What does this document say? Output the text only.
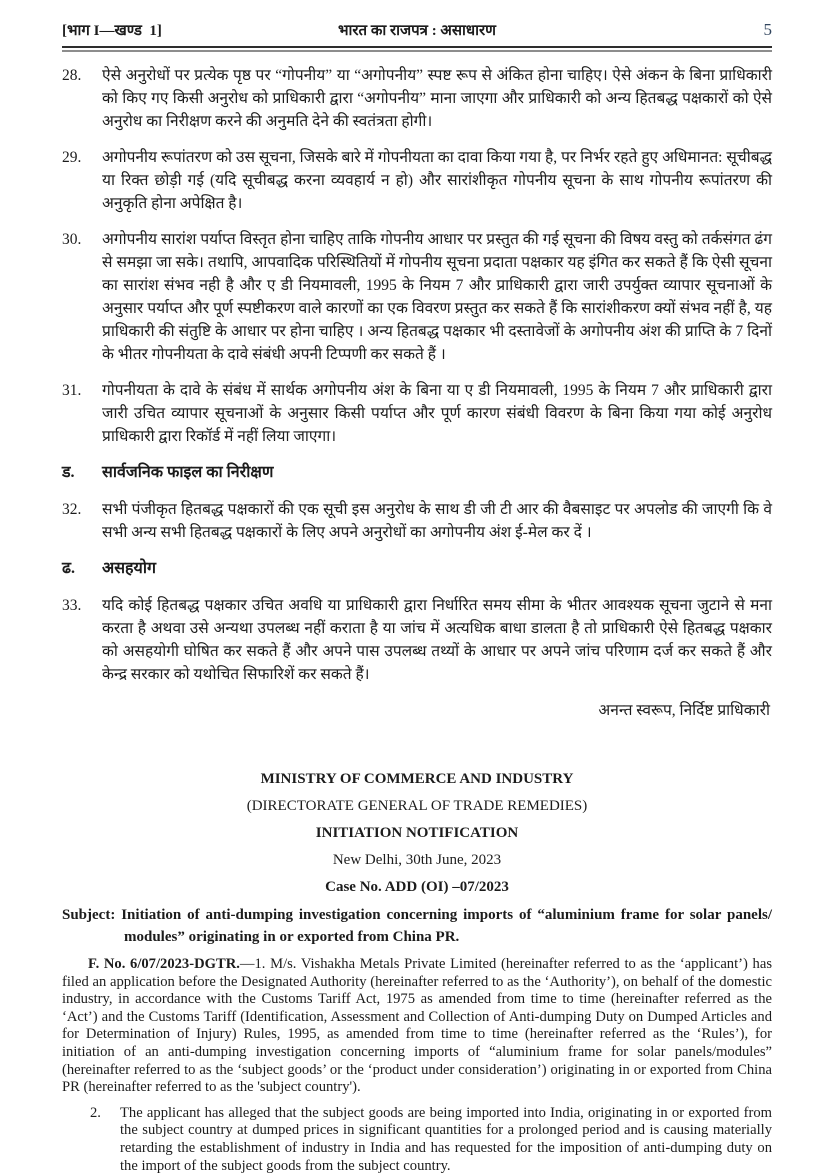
[भाग I—खण्ड  1]	भारत का राजपत्र : असाधारण	5
28.	ऐसे अनुरोधों पर प्रत्येक पृष्ठ पर “गोपनीय” या “अगोपनीय” स्पष्ट रूप से अंकित होना चाहिए। ऐसे अंकन के बिना प्राधिकारी को किए गए किसी अनुरोध को प्राधिकारी द्वारा “अगोपनीय” माना जाएगा और प्राधिकारी को अन्य हितबद्ध पक्षकारों को ऐसे अनुरोध का निरीक्षण करने की अनुमति देने की स्वतंत्रता होगी।
29.	अगोपनीय रूपांतरण को उस सूचना, जिसके बारे में गोपनीयता का दावा किया गया है, पर निर्भर रहते हुए अधिमानत: सूचीबद्ध या रिक्त छोड़ी गई (यदि सूचीबद्ध करना व्यवहार्य न हो) और सारांशीकृत गोपनीय सूचना के साथ गोपनीय रूपांतरण की अनुकृति होना अपेक्षित है।
30.	अगोपनीय सारांश पर्याप्त विस्तृत होना चाहिए ताकि गोपनीय आधार पर प्रस्तुत की गई सूचना की विषय वस्तु को तर्कसंगत ढंग से समझा जा सके। तथापि, आपवादिक परिस्थितियों में गोपनीय सूचना प्रदाता पक्षकार यह इंगित कर सकते हैं कि ऐसी सूचना का सारांश संभव नही है और ए डी नियमावली, 1995 के नियम 7 और प्राधिकारी द्वारा जारी उपर्युक्त व्यापार सूचनाओं के अनुसार पर्याप्त और पूर्ण स्पष्टीकरण वाले कारणों का एक विवरण प्रस्तुत कर सकते हैं कि सारांशीकरण क्यों संभव नहीं है, यह प्राधिकारी की संतुष्टि के आधार पर होना चाहिए । अन्य हितबद्ध पक्षकार भी दस्तावेजों के अगोपनीय अंश की प्राप्ति के 7 दिनों के भीतर गोपनीयता के दावे संबंधी अपनी टिप्पणी कर सकते हैं ।
31.	गोपनीयता के दावे के संबंध में सार्थक अगोपनीय अंश के बिना या ए डी नियमावली, 1995 के नियम 7 और प्राधिकारी द्वारा जारी उचित व्यापार सूचनाओं के अनुसार किसी पर्याप्त और पूर्ण कारण संबंधी विवरण के बिना किया गया कोई अनुरोध प्राधिकारी द्वारा रिकॉर्ड में नहीं लिया जाएगा।
ड.	सार्वजनिक फाइल का निरीक्षण
32.	सभी पंजीकृत हितबद्ध पक्षकारों की एक सूची इस अनुरोध के साथ डी जी टी आर की वैबसाइट पर अपलोड की जाएगी कि वे सभी अन्य सभी हितबद्ध पक्षकारों के लिए अपने अनुरोधों का अगोपनीय अंश ई-मेल कर दें ।
ढ.	असहयोग
33.	यदि कोई हितबद्ध पक्षकार उचित अवधि या प्राधिकारी द्वारा निर्धारित समय सीमा के भीतर आवश्यक सूचना जुटाने से मना करता है अथवा उसे अन्यथा उपलब्ध नहीं कराता है या जांच में अत्यधिक बाधा डालता है तो प्राधिकारी ऐसे हितबद्ध पक्षकार को असहयोगी घोषित कर सकते हैं और अपने पास उपलब्ध तथ्यों के आधार पर अपने जांच परिणाम दर्ज कर सकते हैं और केन्द्र सरकार को यथोचित सिफारिशें कर सकते हैं।
अनन्त स्वरूप, निर्दिष्ट प्राधिकारी
MINISTRY OF COMMERCE AND INDUSTRY
(DIRECTORATE GENERAL OF TRADE REMEDIES)
INITIATION NOTIFICATION
New Delhi, 30th June, 2023
Case No. ADD (OI) –07/2023
Subject: Initiation of anti-dumping investigation concerning imports of “aluminium frame for solar panels/ modules” originating in or exported from China PR.
F. No. 6/07/2023-DGTR.—1. M/s. Vishakha Metals Private Limited (hereinafter referred to as the ‘applicant’) has filed an application before the Designated Authority (hereinafter referred to as the ‘Authority’), on behalf of the domestic industry, in accordance with the Customs Tariff Act, 1975 as amended from time to time (hereinafter referred as the ‘Act’) and the Customs Tariff (Identification, Assessment and Collection of Anti-dumping Duty on Dumped Articles and for Determination of Injury) Rules, 1995, as amended from time to time (hereinafter referred as the ‘Rules’), for initiation of an anti-dumping investigation concerning imports of “aluminium frame for solar panels/modules” (hereinafter referred to as the ‘subject goods’ or the ‘product under consideration’) originating in or exported from China PR (hereinafter referred to as the 'subject country').
2.	The applicant has alleged that the subject goods are being imported into India, originating in or exported from the subject country at dumped prices in significant quantities for a prolonged period and is causing materially retarding the establishment of industry in India and has requested for the imposition of anti-dumping duty on the import of the subject goods from the subject country.
